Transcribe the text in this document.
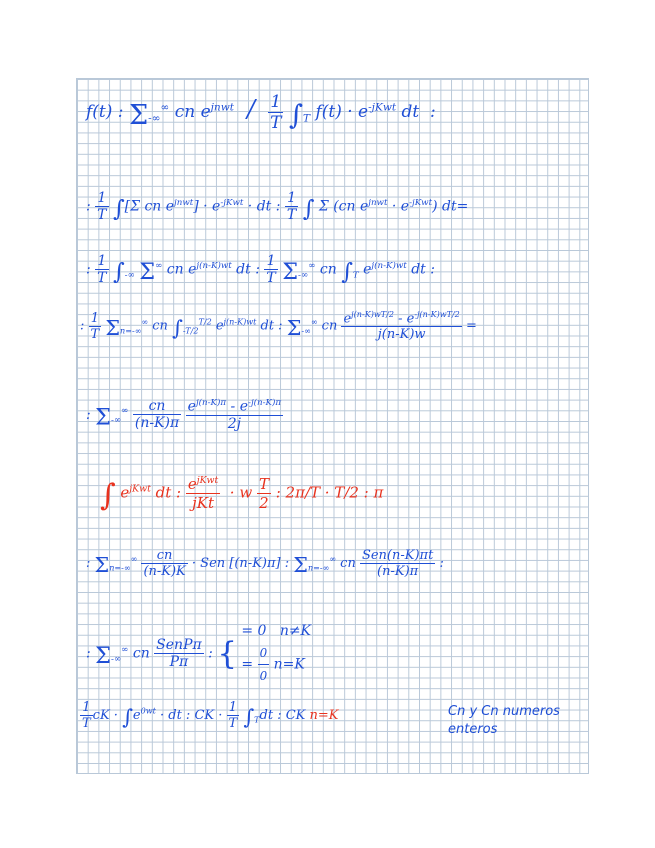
f(t) : $\Sigma_{-\infty}^\infty$ cn $e^{jnwt} / \frac{1}{T} \int_T$ $f(t) \cdot e^{-jKwt}$ dt  :
: $\frac{1}{T} \int[\Sigma$ cn $e^{jnwt}] \cdot e^{-jKwt}$ · dt : $\frac{1}{T}$ ∫ Σ (cn $e^{jnwt} \cdot e^{-jKwt}$) dt=
: $\frac{1}{T} \int_{-\infty}$ Σ∞ cn $e^{j(n-K)wt}$ dt : $\frac{1}{T} \Sigma_{-\infty}^\infty$ cn $\int_T$ $e^{j(n-K)wt}$ dt :
: $\frac{1}{T} \Sigma_{n=-\infty}^\infty$ cn $\int_{-T/2}^{T/2}$ $e^{j(n-K)wt}$ dt : $\Sigma_{-\infty}^\infty$ cn $\frac{e^{j(n-K)wT/2} - e^{-j(n-K)wT/2}}{j(n-K)w}$ =
: $\Sigma_{-\infty}^\infty \frac{cn}{(n-K)\pi}$
$\frac{e^{j(n-K)\pi} - e^{-j(n-K)\pi}}{2j}$
∫ $e^{jKwt}$ dt : $\frac{e^{jKwt}}{\text{jKt}} \cdot w \frac{T}{2}$ : 2π/T · T/2 : π
: $\Sigma_{n=-\infty}^\infty \frac{cn}{(n-K)K}$ · Sen [(n-K)π] : $\Sigma_{n=-\infty}^\infty$ cn $\frac{\text{Sen(n-K)πt}}{(n-K)\pi}$ :
: $\Sigma_{-\infty}^\infty$ cn $\frac{\text{SenPπ}}{P\pi}$ : { = 0   n≠K
= $\frac{0}{0} n=K$
$\frac{1}{T}$ cK · $\int e^{0wt}$ · dt : CK · $\frac{1}{T} \int_Tdt$ : CK n=K	Cn y Cn numeros
enteros
